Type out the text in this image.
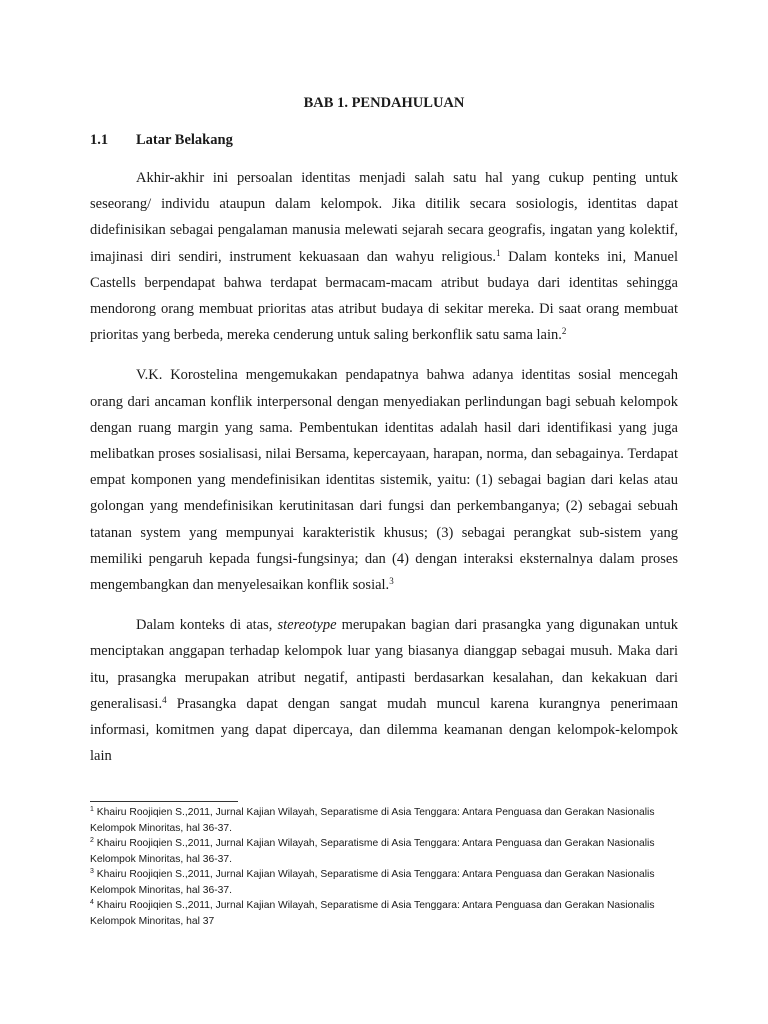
BAB 1. PENDAHULUAN
1.1 Latar Belakang

Akhir-akhir ini persoalan identitas menjadi salah satu hal yang cukup penting untuk seseorang/ individu ataupun dalam kelompok. Jika ditilik secara sosiologis, identitas dapat didefinisikan sebagai pengalaman manusia melewati sejarah secara geografis, ingatan yang kolektif, imajinasi diri sendiri, instrument kekuasaan dan wahyu religious.$^1$ Dalam konteks ini, Manuel Castells berpendapat bahwa terdapat bermacam-macam atribut budaya dari identitas sehingga mendorong orang membuat prioritas atas atribut budaya di sekitar mereka. Di saat orang membuat prioritas yang berbeda, mereka cenderung untuk saling berkonflik satu sama lain.$^2$

V.K. Korostelina mengemukakan pendapatnya bahwa adanya identitas sosial mencegah orang dari ancaman konflik interpersonal dengan menyediakan perlindungan bagi sebuah kelompok dengan ruang margin yang sama. Pembentukan identitas adalah hasil dari identifikasi yang juga melibatkan proses sosialisasi, nilai Bersama, kepercayaan, harapan, norma, dan sebagainya. Terdapat empat komponen yang mendefinisikan identitas sistemik, yaitu: (1) sebagai bagian dari kelas atau golongan yang mendefinisikan kerutinitasan dari fungsi dan perkembanganya; (2) sebagai sebuah tatanan system yang mempunyai karakteristik khusus; (3) sebagai perangkat sub-sistem yang memiliki pengaruh kepada fungsi-fungsinya; dan (4) dengan interaksi eksternalnya dalam proses mengembangkan dan menyelesaikan konflik sosial.$^3$

Dalam konteks di atas, stereotype merupakan bagian dari prasangka yang digunakan untuk menciptakan anggapan terhadap kelompok luar yang biasanya dianggap sebagai musuh. Maka dari itu, prasangka merupakan atribut negatif, antipasti berdasarkan kesalahan, dan kekakuan dari generalisasi.$^4$ Prasangka dapat dengan sangat mudah muncul karena kurangnya penerimaan informasi, komitmen yang dapat dipercaya, dan dilemma keamanan dengan kelompok-kelompok lain

$^1$ Khairu Roojiqien S.,2011, Jurnal Kajian Wilayah, Separatisme di Asia Tenggara: Antara Penguasa dan Gerakan Nasionalis Kelompok Minoritas, hal 36-37.

$^2$ Khairu Roojiqien S.,2011, Jurnal Kajian Wilayah, Separatisme di Asia Tenggara: Antara Penguasa dan Gerakan Nasionalis Kelompok Minoritas, hal 36-37.

$^3$ Khairu Roojiqien S.,2011, Jurnal Kajian Wilayah, Separatisme di Asia Tenggara: Antara Penguasa dan Gerakan Nasionalis Kelompok Minoritas, hal 36-37.

$^4$ Khairu Roojiqien S.,2011, Jurnal Kajian Wilayah, Separatisme di Asia Tenggara: Antara Penguasa dan Gerakan Nasionalis Kelompok Minoritas, hal 37
